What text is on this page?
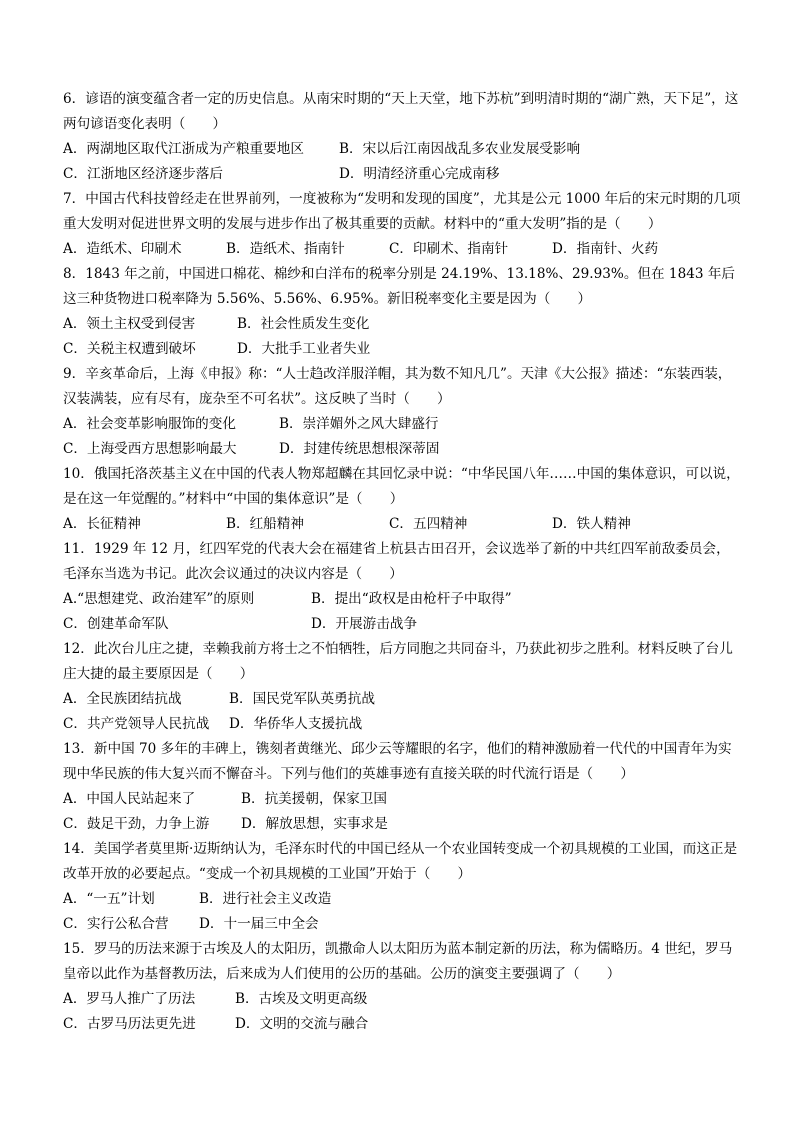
6．谚语的演变蕴含者一定的历史信息。从南宋时期的“天上天堂，地下苏杭”到明清时期的“湖广熟，天下足”，这两句谚语变化表明（　　）

A．两湖地区取代江浙成为产粮重要地区	B．宋以后江南因战乱多农业发展受影响
C．江浙地区经济逐步落后	D．明清经济重心完成南移

7．中国古代科技曾经走在世界前列，一度被称为“发明和发现的国度”，尤其是公元 1000 年后的宋元时期的几项重大发明对促进世界文明的发展与进步作出了极其重要的贡献。材料中的“重大发明”指的是（　　）

A．造纸术、印刷术	B．造纸术、指南针	C．印刷术、指南针	D．指南针、火药

8．1843 年之前，中国进口棉花、棉纱和白洋布的税率分别是 24.19%、13.18%、29.93%。但在 1843 年后这三种货物进口税率降为 5.56%、5.56%、6.95%。新旧税率变化主要是因为（　　）

A．领土主权受到侵害	B．社会性质发生变化
C．关税主权遭到破坏	D．大批手工业者失业

9．辛亥革命后，上海《申报》称：“人士趋改洋服洋帽，其为数不知凡几”。天津《大公报》描述：“东装西装，汉装满装，应有尽有，庞杂至不可名状”。这反映了当时（　　）

A．社会变革影响服饰的变化	B．崇洋媚外之风大肆盛行
C．上海受西方思想影响最大	D．封建传统思想根深蒂固

10．俄国托洛茨基主义在中国的代表人物郑超麟在其回忆录中说：“中华民国八年……中国的集体意识，可以说，是在这一年觉醒的。”材料中“中国的集体意识”是（　　）

A．长征精神	B．红船精神	C．五四精神	D．铁人精神

11．1929 年 12 月，红四军党的代表大会在福建省上杭县古田召开，会议选举了新的中共红四军前敌委员会，毛泽东当选为书记。此次会议通过的决议内容是（　　）

A.“思想建党、政治建军”的原则	B．提出“政权是由枪杆子中取得”
C．创建革命军队	D．开展游击战争

12．此次台儿庄之捷，幸赖我前方将士之不怕牺牲，后方同胞之共同奋斗，乃获此初步之胜利。材料反映了台儿庄大捷的最主要原因是（　　）

A．全民族团结抗战	B．国民党军队英勇抗战
C．共产党领导人民抗战 D．华侨华人支援抗战

13．新中国 70 多年的丰碑上，镌刻者黄继光、邱少云等耀眼的名字，他们的精神激励着一代代的中国青年为实现中华民族的伟大复兴而不懈奋斗。下列与他们的英雄事迹有直接关联的时代流行语是（　　）

A．中国人民站起来了	B．抗美援朝，保家卫国
C．鼓足干劲，力争上游 D．解放思想，实事求是

14．美国学者莫里斯·迈斯纳认为，毛泽东时代的中国已经从一个农业国转变成一个初具规模的工业国，而这正是改革开放的必要起点。“变成一个初具规模的工业国”开始于（　　）

A．“一五”计划	B．进行社会主义改造
C．实行公私合营 D．十一届三中全会

15．罗马的历法来源于古埃及人的太阳历，凯撒命人以太阳历为蓝本制定新的历法，称为儒略历。4 世纪，罗马皇帝以此作为基督教历法，后来成为人们使用的公历的基础。公历的演变主要强调了（　　）

A．罗马人推广了历法	B．古埃及文明更高级
C．古罗马历法更先进	D．文明的交流与融合
